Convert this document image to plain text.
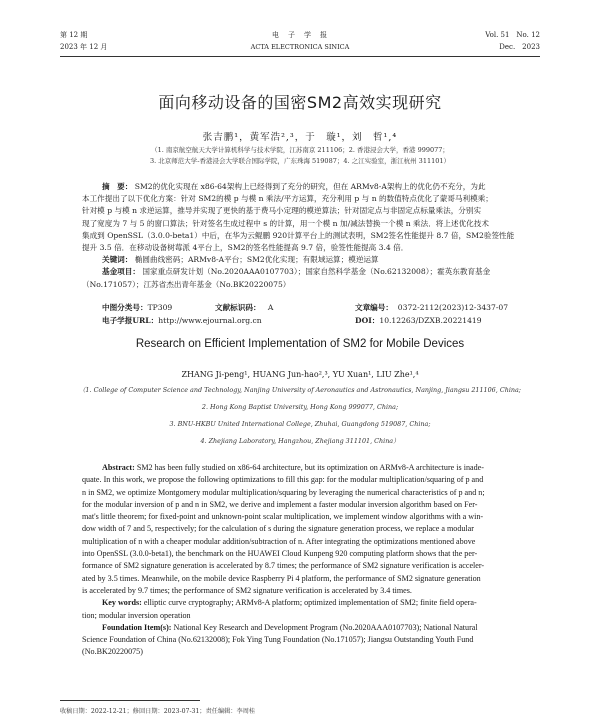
第 12 期
2023 年 12 月
电　子　学　报
ACTA ELECTRONICA SINICA
Vol. 51　No. 12
Dec.　2023
面向移动设备的国密SM2高效实现研究
张吉鹏¹，黄军浩²,³，于　璇¹，刘　哲¹,⁴
（1. 南京航空航天大学计算机科学与技术学院，江苏南京 211106；2. 香港浸会大学，香港 999077；
3. 北京师范大学-香港浸会大学联合国际学院，广东珠海 519087；4. 之江实验室，浙江杭州 311101）

摘　要： SM2的优化实现在 x86-64架构上已经得到了充分的研究，但在 ARMv8-A架构上的优化仍不充分，为此

本工作提出了以下优化方案：针对 SM2的模 p 与模 n 乘法/平方运算，充分利用 p 与 n 的数值特点优化了蒙哥马利模乘；

针对模 p 与模 n 求逆运算，推导并实现了更快的基于费马小定理的模逆算法；针对固定点与非固定点标量乘法，分别实

现了宽度为 7 与 5 的窗口算法；针对签名生成过程中 s 的计算，用一个模 n 加/减法替换一个模 n 乘法．将上述优化技术

集成到 OpenSSL（3.0.0-beta1）中后，在华为云鲲鹏 920计算平台上的测试表明，SM2签名性能提升 8.7 倍，SM2验签性能

提升 3.5 倍．在移动设备树莓派 4平台上，SM2的签名性能提高 9.7 倍，验签性能提高 3.4 倍．

关键词： 椭圆曲线密码；ARMv8-A平台；SM2优化实现；有限域运算；模逆运算

基金项目： 国家重点研发计划（No.2020AAA0107703）；国家自然科学基金（No.62132008）；霍英东教育基金

（No.171057）；江苏省杰出青年基金（No.BK20220075）

中图分类号：TP309	文献标识码： A	文章编号： 0372-2112(2023)12-3437-07
电子学报URL：http://www.ejournal.org.cn	DOI：10.12263/DZXB.20221419
Research on Efficient Implementation of SM2 for Mobile Devices
ZHANG Ji-peng¹, HUANG Jun-hao²,³, YU Xuan¹, LIU Zhe¹,⁴
（1. College of Computer Science and Technology, Nanjing University of Aeronautics and Astronautics, Nanjing, Jiangsu 211106, China;
2. Hong Kong Baptist University, Hong Kong 999077, China;
3. BNU-HKBU United International College, Zhuhai, Guangdong 519087, China;
4. Zhejiang Laboratory, Hangzhou, Zhejiang 311101, China）

Abstract: SM2 has been fully studied on x86-64 architecture, but its optimization on ARMv8-A architecture is inade-

quate. In this work, we propose the following optimizations to fill this gap: for the modular multiplication/squaring of p and

n in SM2, we optimize Montgomery modular multiplication/squaring by leveraging the numerical characteristics of p and n;

for the modular inversion of p and n in SM2, we derive and implement a faster modular inversion algorithm based on Fer-

mat's little theorem; for fixed-point and unknown-point scalar multiplication, we implement window algorithms with a win-

dow width of 7 and 5, respectively; for the calculation of s during the signature generation process, we replace a modular

multiplication of n with a cheaper modular addition/subtraction of n. After integrating the optimizations mentioned above

into OpenSSL (3.0.0-beta1), the benchmark on the HUAWEI Cloud Kunpeng 920 computing platform shows that the per-

formance of SM2 signature generation is accelerated by 8.7 times; the performance of SM2 signature verification is acceler-

ated by 3.5 times. Meanwhile, on the mobile device Raspberry Pi 4 platform, the performance of SM2 signature generation

is accelerated by 9.7 times; the performance of SM2 signature verification is accelerated by 3.4 times.

Key words: elliptic curve cryptography; ARMv8-A platform; optimized implementation of SM2; finite field opera-

tion; modular inversion operation

Foundation Item(s): National Key Research and Development Program (No.2020AAA0107703); National Natural

Science Foundation of China (No.62132008); Fok Ying Tung Foundation (No.171057); Jiangsu Outstanding Youth Fund

(No.BK20220075)

收稿日期：2022-12-21；修回日期：2023-07-31；责任编辑：李周桂
